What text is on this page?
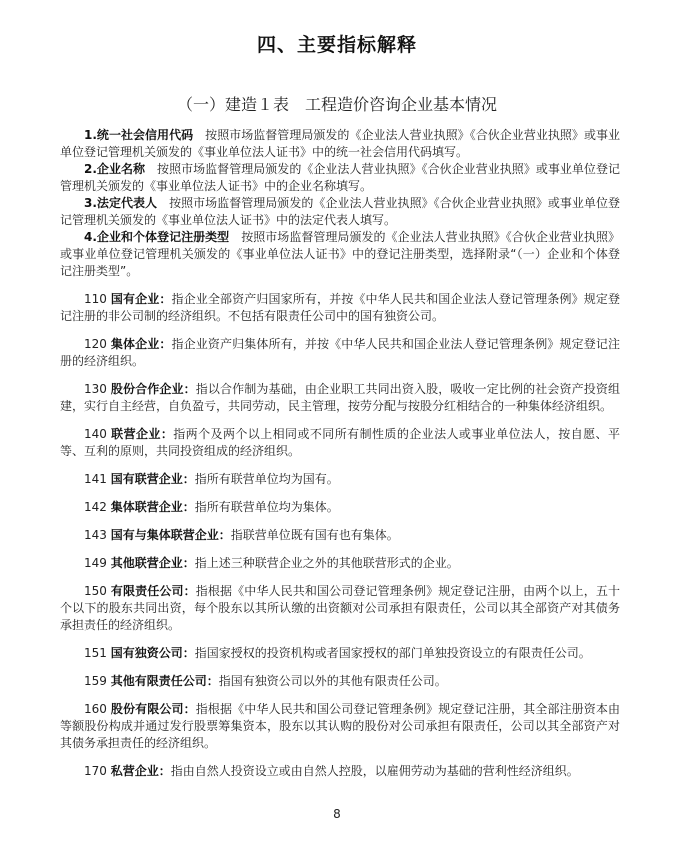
四、主要指标解释
（一）建造１表　工程造价咨询企业基本情况

1.统一社会信用代码　按照市场监督管理局颁发的《企业法人营业执照》《合伙企业营业执照》或事业单位登记管理机关颁发的《事业单位法人证书》中的统一社会信用代码填写。

2.企业名称　按照市场监督管理局颁发的《企业法人营业执照》《合伙企业营业执照》或事业单位登记管理机关颁发的《事业单位法人证书》中的企业名称填写。

3.法定代表人　按照市场监督管理局颁发的《企业法人营业执照》《合伙企业营业执照》或事业单位登记管理机关颁发的《事业单位法人证书》中的法定代表人填写。

4.企业和个体登记注册类型　按照市场监督管理局颁发的《企业法人营业执照》《合伙企业营业执照》或事业单位登记管理机关颁发的《事业单位法人证书》中的登记注册类型，选择附录“（一）企业和个体登记注册类型”。

110 国有企业：指企业全部资产归国家所有，并按《中华人民共和国企业法人登记管理条例》规定登记注册的非公司制的经济组织。不包括有限责任公司中的国有独资公司。

120 集体企业：指企业资产归集体所有，并按《中华人民共和国企业法人登记管理条例》规定登记注册的经济组织。

130 股份合作企业：指以合作制为基础，由企业职工共同出资入股，吸收一定比例的社会资产投资组建，实行自主经营，自负盈亏，共同劳动，民主管理，按劳分配与按股分红相结合的一种集体经济组织。

140 联营企业：指两个及两个以上相同或不同所有制性质的企业法人或事业单位法人，按自愿、平等、互利的原则，共同投资组成的经济组织。

141 国有联营企业：指所有联营单位均为国有。

142 集体联营企业：指所有联营单位均为集体。

143 国有与集体联营企业：指联营单位既有国有也有集体。

149 其他联营企业：指上述三种联营企业之外的其他联营形式的企业。

150 有限责任公司：指根据《中华人民共和国公司登记管理条例》规定登记注册，由两个以上，五十个以下的股东共同出资，每个股东以其所认缴的出资额对公司承担有限责任，公司以其全部资产对其债务承担责任的经济组织。

151 国有独资公司：指国家授权的投资机构或者国家授权的部门单独投资设立的有限责任公司。

159 其他有限责任公司：指国有独资公司以外的其他有限责任公司。

160 股份有限公司：指根据《中华人民共和国公司登记管理条例》规定登记注册，其全部注册资本由等额股份构成并通过发行股票筹集资本，股东以其认购的股份对公司承担有限责任，公司以其全部资产对其债务承担责任的经济组织。

170 私营企业：指由自然人投资设立或由自然人控股，以雇佣劳动为基础的营利性经济组织。

8
